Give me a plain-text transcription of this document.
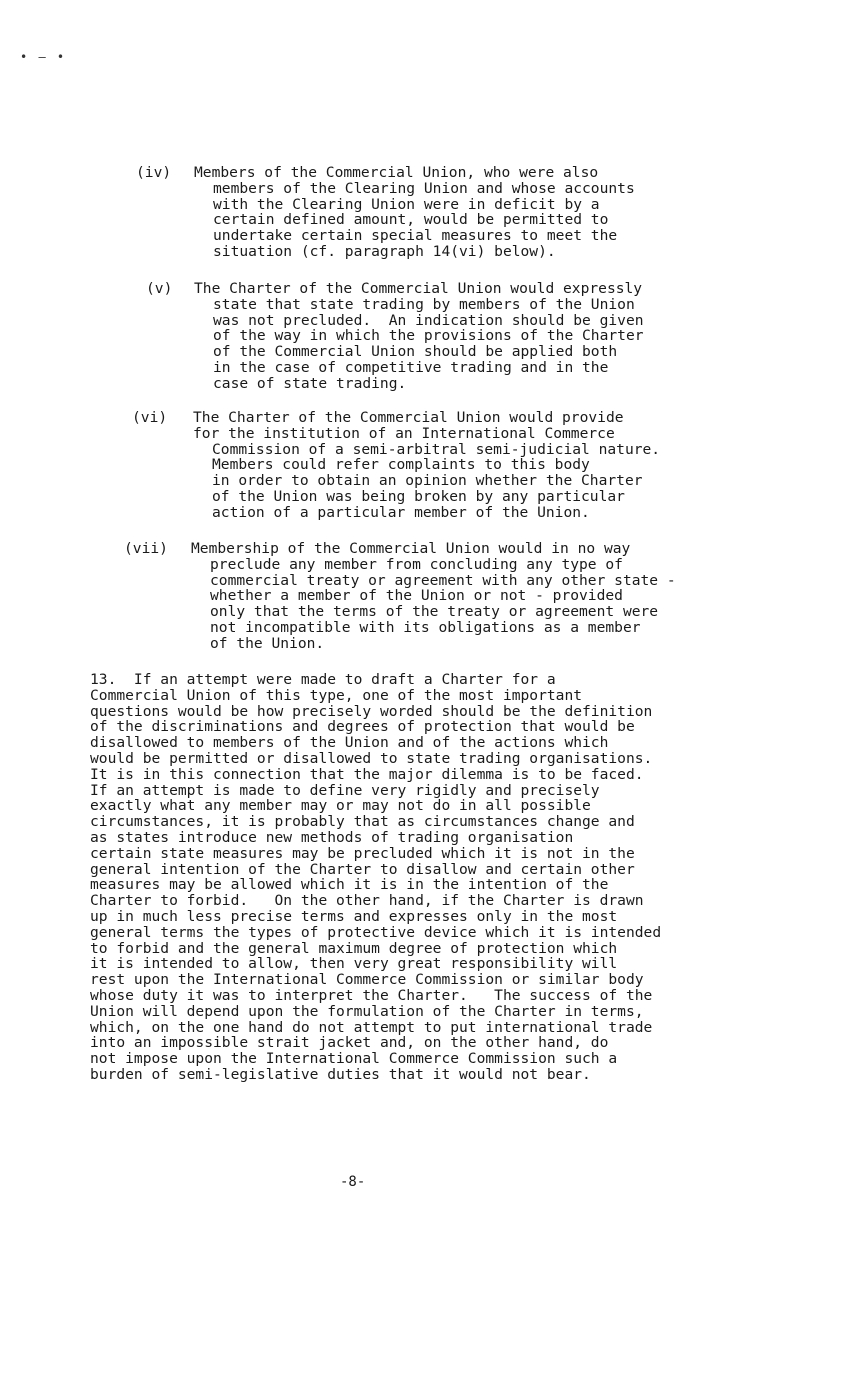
• — •
(iv) Members of the Commercial Union, who were also
members of the Clearing Union and whose accounts
with the Clearing Union were in deficit by a
certain defined amount, would be permitted to
undertake certain special measures to meet the
situation (cf. paragraph 14(vi) below).
(v) The Charter of the Commercial Union would expressly
state that state trading by members of the Union
was not precluded.  An indication should be given
of the way in which the provisions of the Charter
of the Commercial Union should be applied both
in the case of competitive trading and in the
case of state trading.
(vi) The Charter of the Commercial Union would provide
for the institution of an International Commerce
Commission of a semi-arbitral semi-judicial nature.
Members could refer complaints to this body
in order to obtain an opinion whether the Charter
of the Union was being broken by any particular
action of a particular member of the Union.
(vii) Membership of the Commercial Union would in no way
preclude any member from concluding any type of
commercial treaty or agreement with any other state -
whether a member of the Union or not - provided
only that the terms of the treaty or agreement were
not incompatible with its obligations as a member
of the Union.
13.  If an attempt were made to draft a Charter for a
Commercial Union of this type, one of the most important
questions would be how precisely worded should be the definition
of the discriminations and degrees of protection that would be
disallowed to members of the Union and of the actions which
would be permitted or disallowed to state trading organisations.
It is in this connection that the major dilemma is to be faced.
If an attempt is made to define very rigidly and precisely
exactly what any member may or may not do in all possible
circumstances, it is probably that as circumstances change and
as states introduce new methods of trading organisation
certain state measures may be precluded which it is not in the
general intention of the Charter to disallow and certain other
measures may be allowed which it is in the intention of the
Charter to forbid.   On the other hand, if the Charter is drawn
up in much less precise terms and expresses only in the most
general terms the types of protective device which it is intended
to forbid and the general maximum degree of protection which
it is intended to allow, then very great responsibility will
rest upon the International Commerce Commission or similar body
whose duty it was to interpret the Charter.   The success of the
Union will depend upon the formulation of the Charter in terms,
which, on the one hand do not attempt to put international trade
into an impossible strait jacket and, on the other hand, do
not impose upon the International Commerce Commission such a
burden of semi-legislative duties that it would not bear.
-8-
